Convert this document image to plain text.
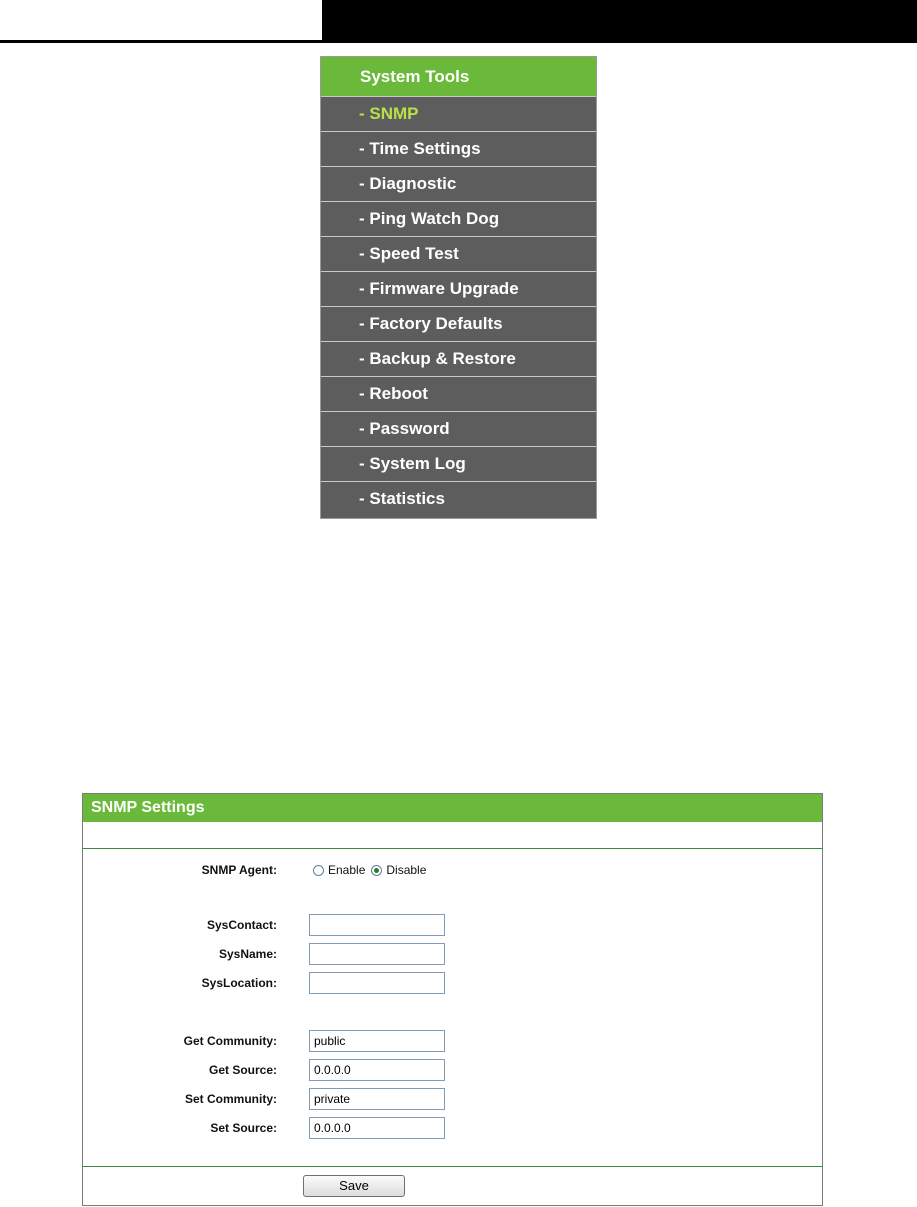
System Tools
- SNMP
- Time Settings
- Diagnostic
- Ping Watch Dog
- Speed Test
- Firmware Upgrade
- Factory Defaults
- Backup & Restore
- Reboot
- Password
- System Log
- Statistics
SNMP Settings
SNMP Agent:	Enable Disable
SysContact:
SysName:
SysLocation:
Get Community:	public
Get Source:	0.0.0.0
Set Community:	private
Set Source:	0.0.0.0
Save
